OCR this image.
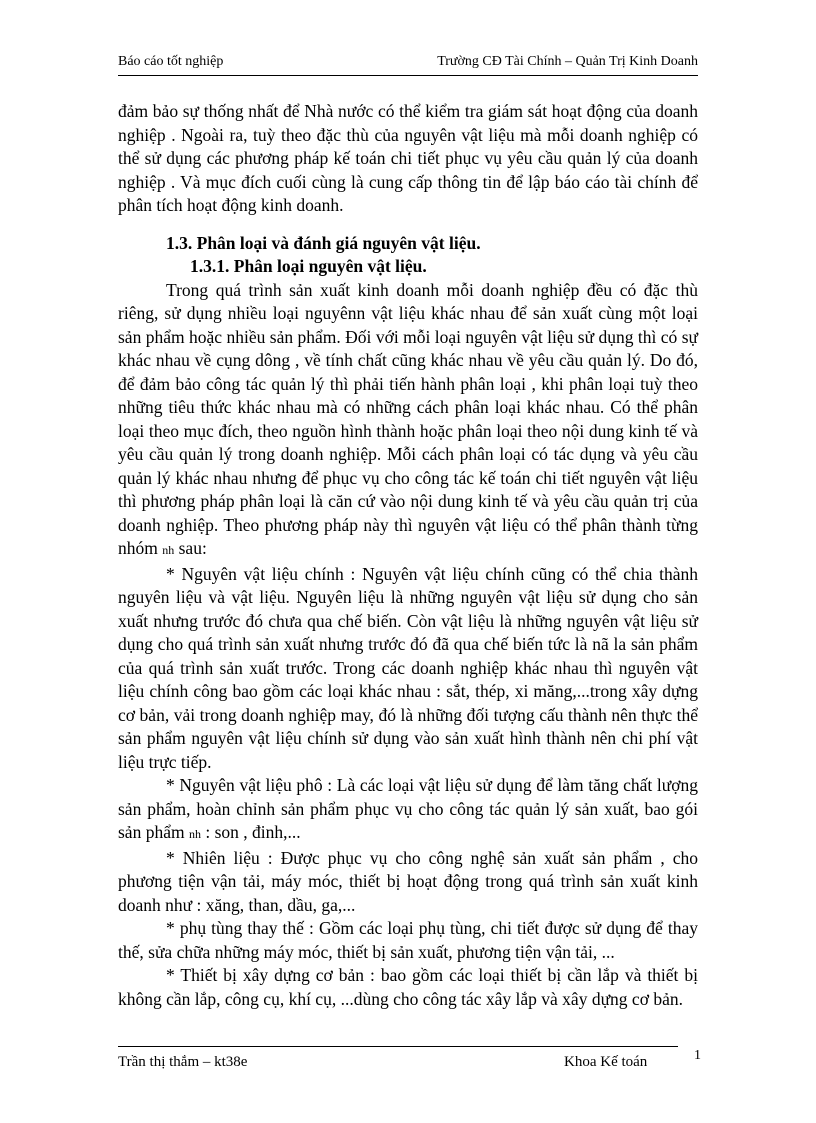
Báo cáo tốt nghiệp	Trường CĐ Tài Chính – Quản Trị Kinh Doanh

đảm bảo sự thống nhất để Nhà nước có thể kiểm tra giám sát hoạt động của doanh nghiệp . Ngoài ra, tuỳ theo đặc thù của nguyên vật liệu mà mỗi doanh nghiệp có thể sử dụng các phương pháp kế toán chi tiết phục vụ yêu cầu quản lý của doanh nghiệp . Và mục đích cuối cùng là cung cấp thông tin để lập báo cáo tài chính để phân tích hoạt động kinh doanh.

1.3. Phân loại và đánh giá nguyên vật liệu.

1.3.1. Phân loại nguyên vật liệu.

Trong quá trình sản xuất kinh doanh mỗi doanh nghiệp đều có đặc thù riêng, sử dụng nhiều loại nguyênn vật liệu khác nhau để sản xuất cùng một loại sản phẩm hoặc nhiều sản phẩm. Đối với mỗi loại nguyên vật liệu sử dụng thì có sự khác nhau về cụng dông , về tính chất cũng khác nhau về yêu cầu quản lý. Do đó, để đảm bảo công tác quản lý thì phải tiến hành phân loại , khi phân loại tuỳ theo những tiêu thức khác nhau mà có những cách phân loại khác nhau. Có thể phân loại theo mục đích, theo nguồn hình thành hoặc phân loại theo nội dung kinh tế và yêu cầu quản lý trong doanh nghiệp. Mỗi cách phân loại có tác dụng và yêu cầu quản lý khác nhau nhưng để phục vụ cho công tác kế toán chi tiết nguyên vật liệu thì phương pháp phân loại là căn cứ vào nội dung kinh tế và yêu cầu quản trị của doanh nghiệp. Theo phương pháp này thì nguyên vật liệu có thể phân thành từng nhóm nh sau:

* Nguyên vật liệu chính : Nguyên vật liệu chính cũng có thể chia thành nguyên liệu và vật liệu. Nguyên liệu là những nguyên vật liệu sử dụng cho sản xuất nhưng trước đó chưa qua chế biến. Còn vật liệu là những nguyên vật liệu sử dụng cho quá trình sản xuất nhưng trước đó đã qua chế biến tức là nã la sản phẩm của quá trình sản xuất trước. Trong các doanh nghiệp khác nhau thì nguyên vật liệu chính công bao gồm các loại khác nhau : sắt, thép, xi măng,...trong xây dựng cơ bản, vải trong doanh nghiệp may, đó là những đối tượng cấu thành nên thực thể sản phẩm nguyên vật liệu chính sử dụng vào sản xuất hình thành nên chi phí vật liệu trực tiếp.

* Nguyên vật liệu phô : Là các loại vật liệu sử dụng để làm tăng chất lượng sản phẩm, hoàn chỉnh sản phẩm phục vụ cho công tác quản lý sản xuất, bao gói sản phẩm nh : son , đinh,...

* Nhiên liệu : Được phục vụ cho công nghệ sản xuất sản phẩm , cho phương tiện vận tải, máy móc, thiết bị hoạt động trong quá trình sản xuất kinh doanh như : xăng, than, dầu, ga,...

* phụ tùng thay thế : Gồm các loại phụ tùng, chi tiết được sử dụng để thay thế, sửa chữa những máy móc, thiết bị sản xuất, phương tiện vận tải, ...

* Thiết bị xây dựng cơ bản : bao gồm các loại thiết bị cần lắp và thiết bị không cần lắp, công cụ, khí cụ, ...dùng cho công tác xây lắp và xây dựng cơ bản.

Trần thị thắm – kt38e	Khoa Kế toán	1
